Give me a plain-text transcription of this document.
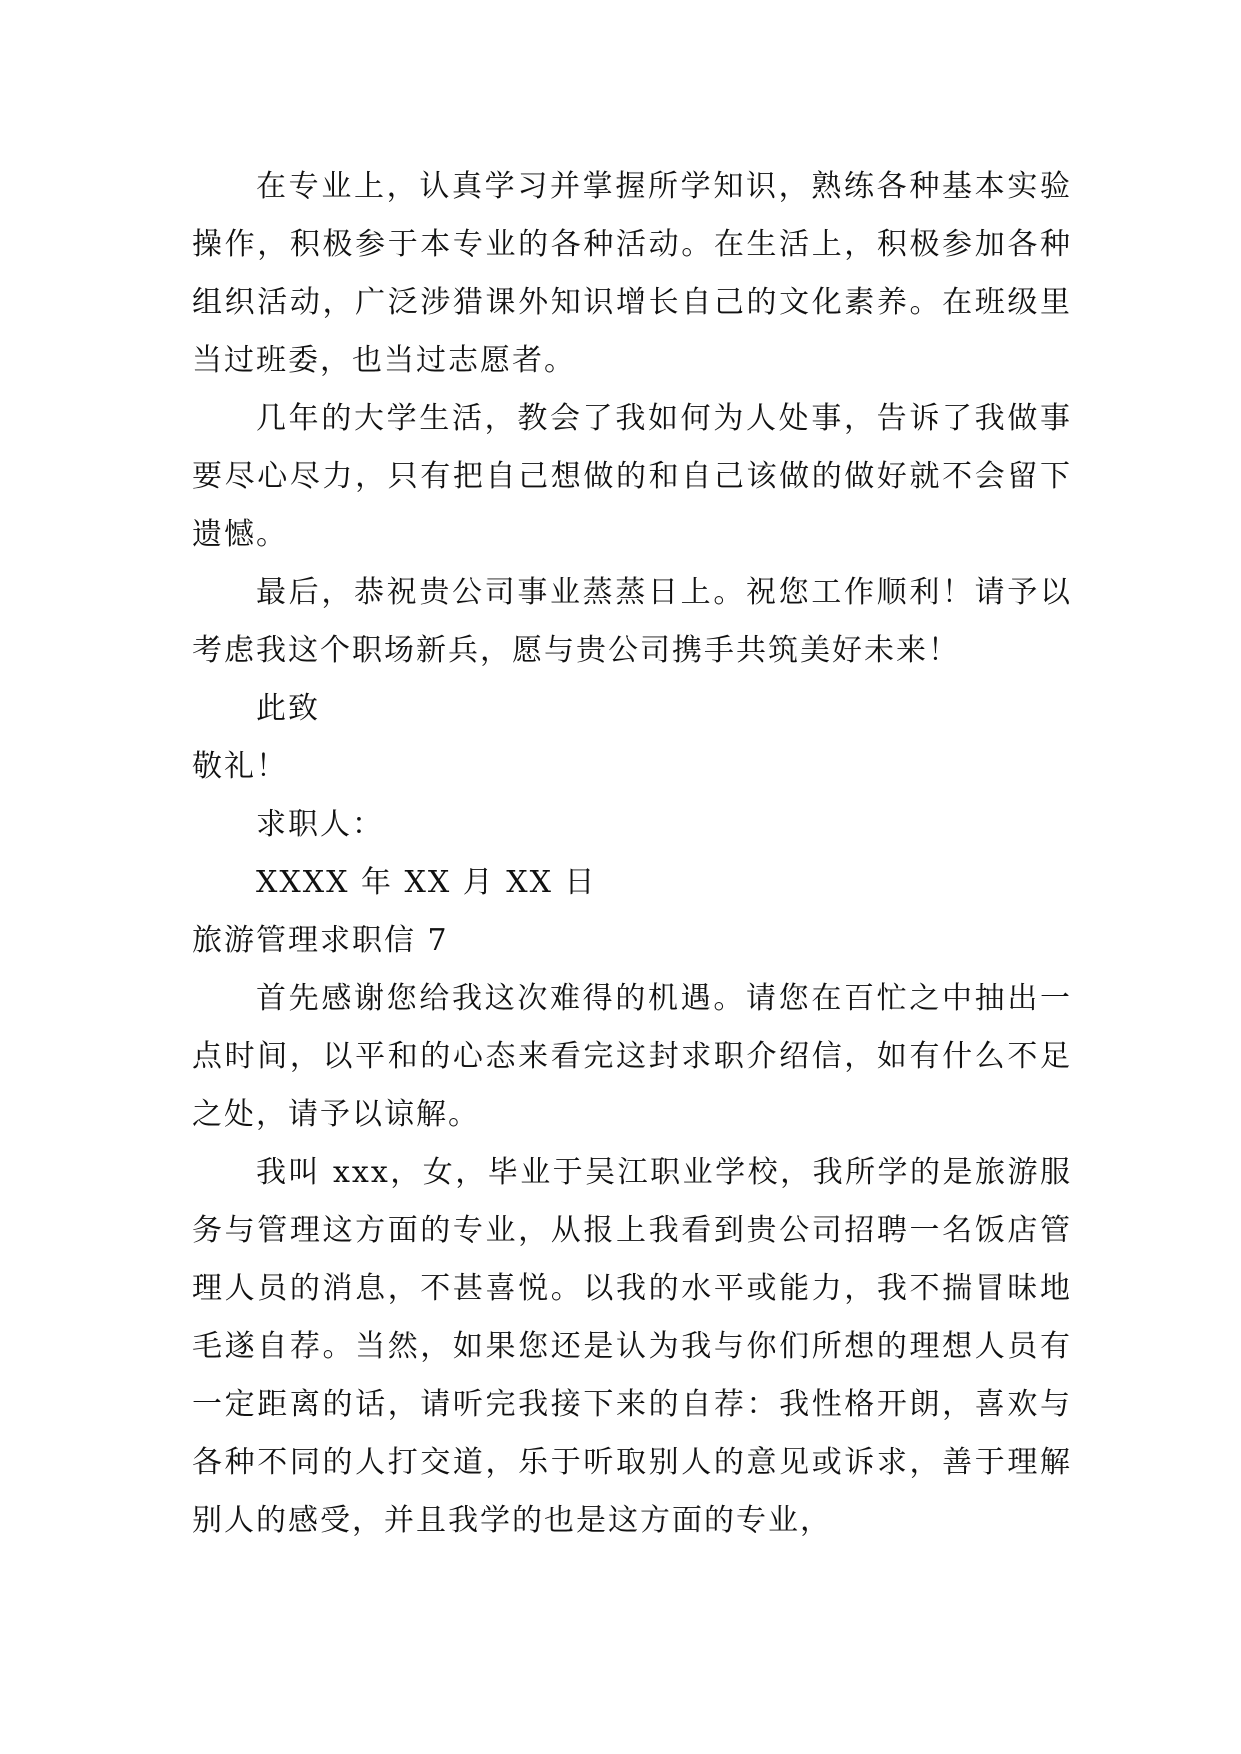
在专业上，认真学习并掌握所学知识，熟练各种基本实验操作，积极参于本专业的各种活动。在生活上，积极参加各种组织活动，广泛涉猎课外知识增长自己的文化素养。在班级里当过班委，也当过志愿者。

几年的大学生活，教会了我如何为人处事，告诉了我做事要尽心尽力，只有把自己想做的和自己该做的做好就不会留下遗憾。

最后，恭祝贵公司事业蒸蒸日上。祝您工作顺利！请予以考虑我这个职场新兵，愿与贵公司携手共筑美好未来！

此致

敬礼！

求职人：

XXXX 年 XX 月 XX 日

旅游管理求职信 7

首先感谢您给我这次难得的机遇。请您在百忙之中抽出一点时间，以平和的心态来看完这封求职介绍信，如有什么不足之处，请予以谅解。

我叫 xxx，女，毕业于吴江职业学校，我所学的是旅游服务与管理这方面的专业，从报上我看到贵公司招聘一名饭店管理人员的消息，不甚喜悦。以我的水平或能力，我不揣冒昧地毛遂自荐。当然，如果您还是认为我与你们所想的理想人员有一定距离的话，请听完我接下来的自荐：我性格开朗，喜欢与各种不同的人打交道，乐于听取别人的意见或诉求，善于理解别人的感受，并且我学的也是这方面的专业，
